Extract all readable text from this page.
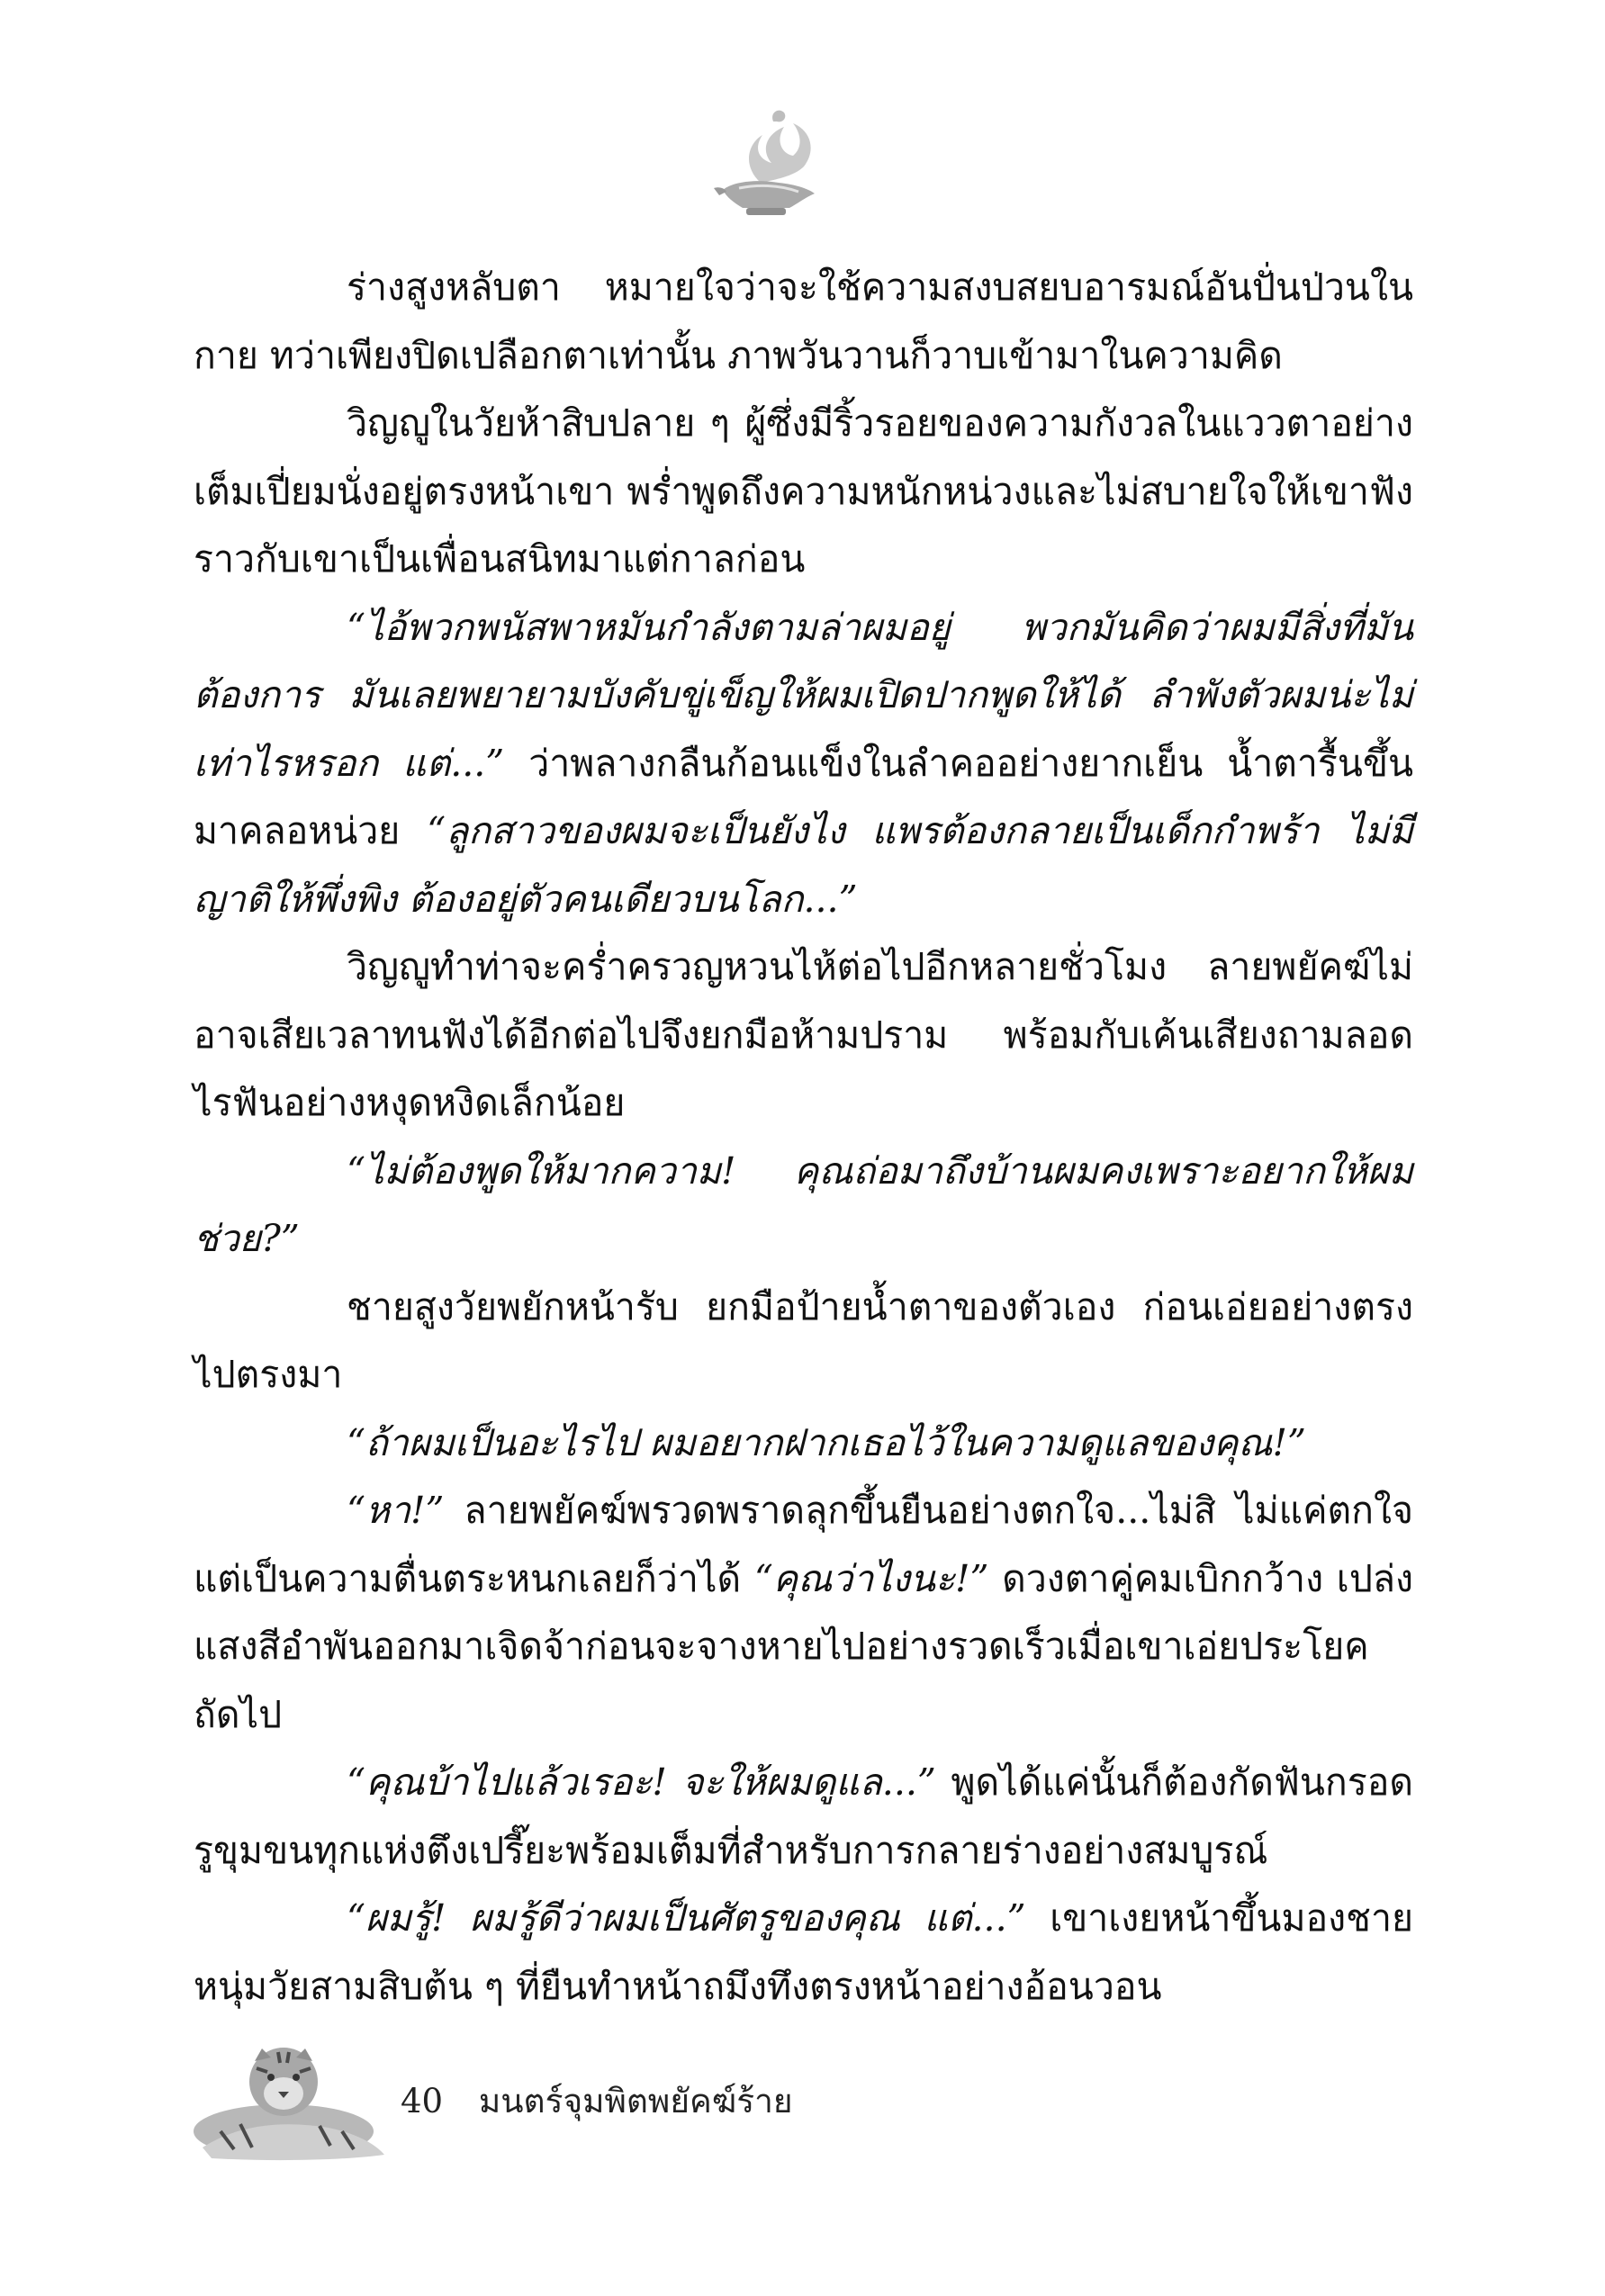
ร่างสูงหลับตา หมายใจว่าจะใช้ความสงบสยบอารมณ์อันปั่นป่วนในกาย ทว่าเพียงปิดเปลือกตาเท่านั้น ภาพวันวานก็วาบเข้ามาในความคิด

วิญญูในวัยห้าสิบปลาย ๆ ผู้ซึ่งมีริ้วรอยของความกังวลในแววตาอย่างเต็มเปี่ยมนั่งอยู่ตรงหน้าเขา พร่ำพูดถึงความหนักหน่วงและไม่สบายใจให้เขาฟังราวกับเขาเป็นเพื่อนสนิทมาแต่กาลก่อน

“ไอ้พวกพนัสพาหมันกำลังตามล่าผมอยู่ พวกมันคิดว่าผมมีสิ่งที่มันต้องการ มันเลยพยายามบังคับขู่เข็ญให้ผมเปิดปากพูดให้ได้ ลำพังตัวผมน่ะไม่เท่าไรหรอก แต่...” ว่าพลางกลืนก้อนแข็งในลำคออย่างยากเย็น น้ำตารื้นขึ้นมาคลอหน่วย “ลูกสาวของผมจะเป็นยังไง แพรต้องกลายเป็นเด็กกำพร้า ไม่มีญาติให้พึ่งพิง ต้องอยู่ตัวคนเดียวบนโลก...”

วิญญูทำท่าจะคร่ำครวญหวนไห้ต่อไปอีกหลายชั่วโมง ลายพยัคฆ์ไม่อาจเสียเวลาทนฟังได้อีกต่อไปจึงยกมือห้ามปราม พร้อมกับเค้นเสียงถามลอดไรฟันอย่างหงุดหงิดเล็กน้อย

“ไม่ต้องพูดให้มากความ! คุณถ่อมาถึงบ้านผมคงเพราะอยากให้ผมช่วย?”

ชายสูงวัยพยักหน้ารับ ยกมือป้ายน้ำตาของตัวเอง ก่อนเอ่ยอย่างตรงไปตรงมา

“ถ้าผมเป็นอะไรไป ผมอยากฝากเธอไว้ในความดูแลของคุณ!”

“หา!” ลายพยัคฆ์พรวดพราดลุกขึ้นยืนอย่างตกใจ...ไม่สิ ไม่แค่ตกใจ แต่เป็นความตื่นตระหนกเลยก็ว่าได้ “คุณว่าไงนะ!” ดวงตาคู่คมเบิกกว้าง เปล่งแสงสีอำพันออกมาเจิดจ้าก่อนจะจางหายไปอย่างรวดเร็วเมื่อเขาเอ่ยประโยคถัดไป

“คุณบ้าไปแล้วเรอะ! จะให้ผมดูแล...” พูดได้แค่นั้นก็ต้องกัดฟันกรอด รูขุมขนทุกแห่งตึงเปรี๊ยะพร้อมเต็มที่สำหรับการกลายร่างอย่างสมบูรณ์

“ผมรู้! ผมรู้ดีว่าผมเป็นศัตรูของคุณ แต่...” เขาเงยหน้าขึ้นมองชายหนุ่มวัยสามสิบต้น ๆ ที่ยืนทำหน้าถมึงทึงตรงหน้าอย่างอ้อนวอน

40 มนตร์จุมพิตพยัคฆ์ร้าย
